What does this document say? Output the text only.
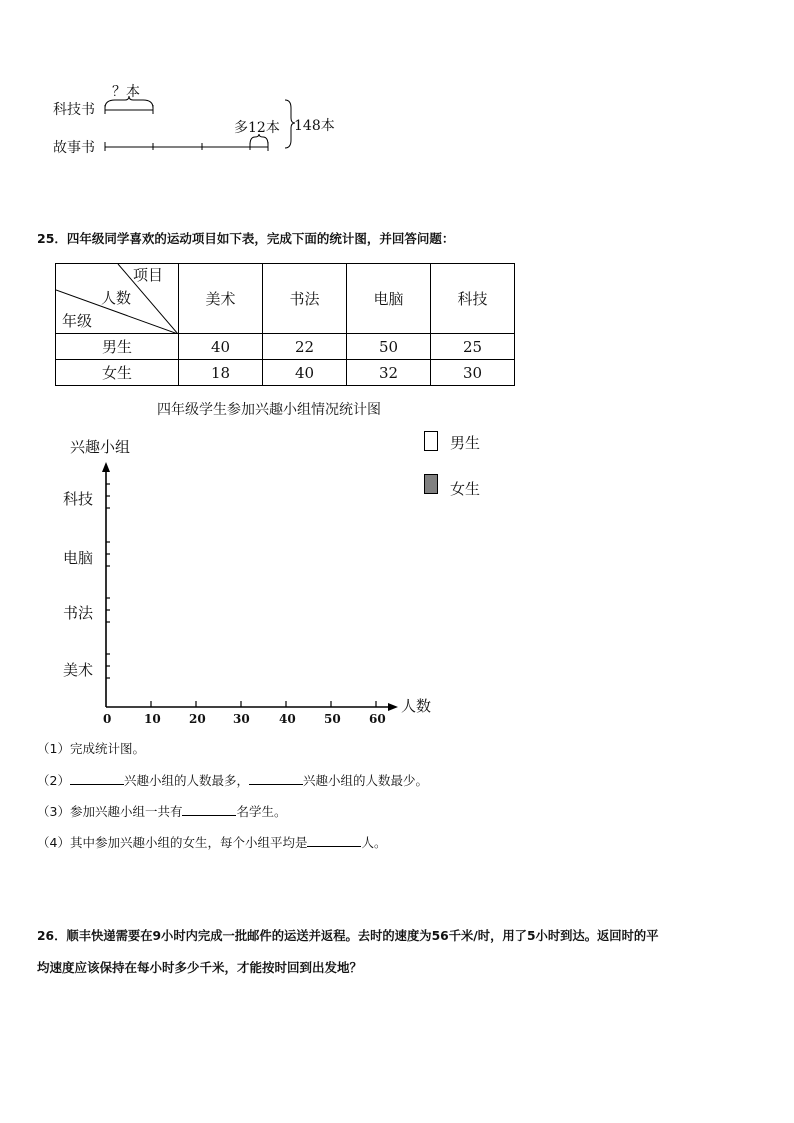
科技书
？本
故事书
多12本 148本
25．四年级同学喜欢的运动项目如下表，完成下面的统计图，并回答问题：
项目
人数
年级	美术	书法	电脑	科技
男生	40	22	50	25
女生	18	40	32	30
四年级学生参加兴趣小组情况统计图
兴趣小组
人数
科技
电脑
书法
美术
0	10 20 30 40 50 60
男生
女生
（1）完成统计图。
（2）	兴趣小组的人数最多，	兴趣小组的人数最少。
（3）参加兴趣小组一共有	名学生。
（4）其中参加兴趣小组的女生，每个小组平均是	人。
26．顺丰快递需要在9小时内完成一批邮件的运送并返程。去时的速度为56千米/时，用了5小时到达。返回时的平
均速度应该保持在每小时多少千米，才能按时回到出发地？
